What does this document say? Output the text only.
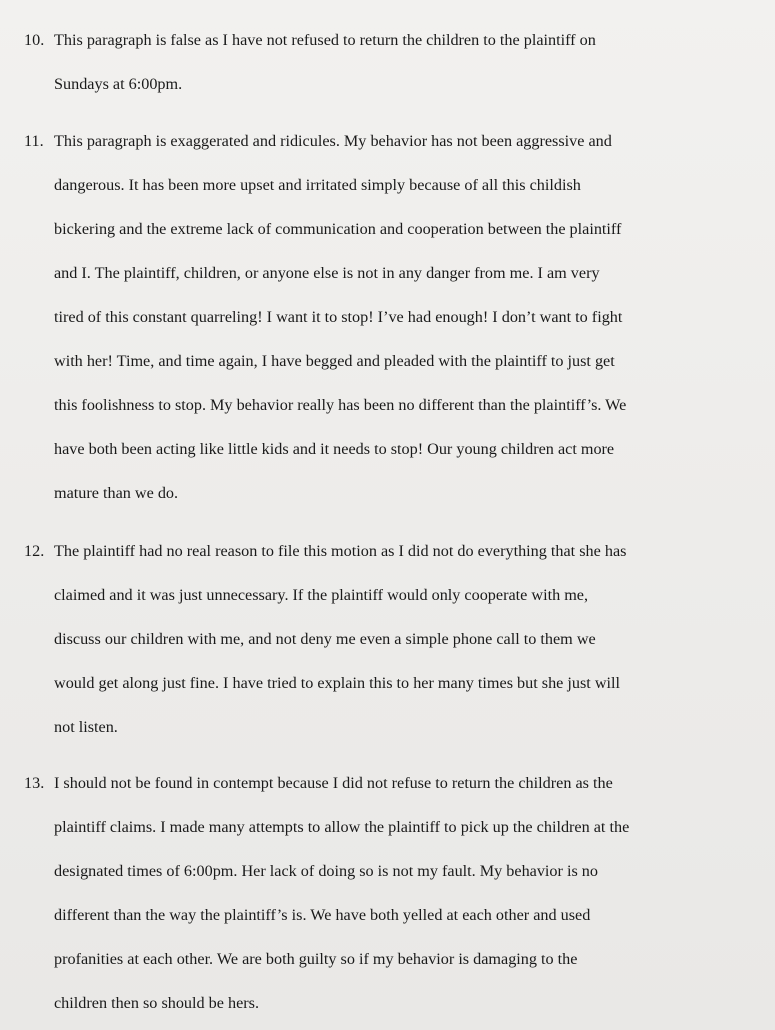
10. This paragraph is false as I have not refused to return the children to the plaintiff on
Sundays at 6:00pm.
11. This paragraph is exaggerated and ridicules. My behavior has not been aggressive and
dangerous. It has been more upset and irritated simply because of all this childish
bickering and the extreme lack of communication and cooperation between the plaintiff
and I. The plaintiff, children, or anyone else is not in any danger from me. I am very
tired of this constant quarreling! I want it to stop! I’ve had enough! I don’t want to fight
with her! Time, and time again, I have begged and pleaded with the plaintiff to just get
this foolishness to stop. My behavior really has been no different than the plaintiff’s. We
have both been acting like little kids and it needs to stop! Our young children act more
mature than we do.
12. The plaintiff had no real reason to file this motion as I did not do everything that she has
claimed and it was just unnecessary. If the plaintiff would only cooperate with me,
discuss our children with me, and not deny me even a simple phone call to them we
would get along just fine. I have tried to explain this to her many times but she just will
not listen.
13. I should not be found in contempt because I did not refuse to return the children as the
plaintiff claims. I made many attempts to allow the plaintiff to pick up the children at the
designated times of 6:00pm. Her lack of doing so is not my fault. My behavior is no
different than the way the plaintiff’s is. We have both yelled at each other and used
profanities at each other. We are both guilty so if my behavior is damaging to the
children then so should be hers.
